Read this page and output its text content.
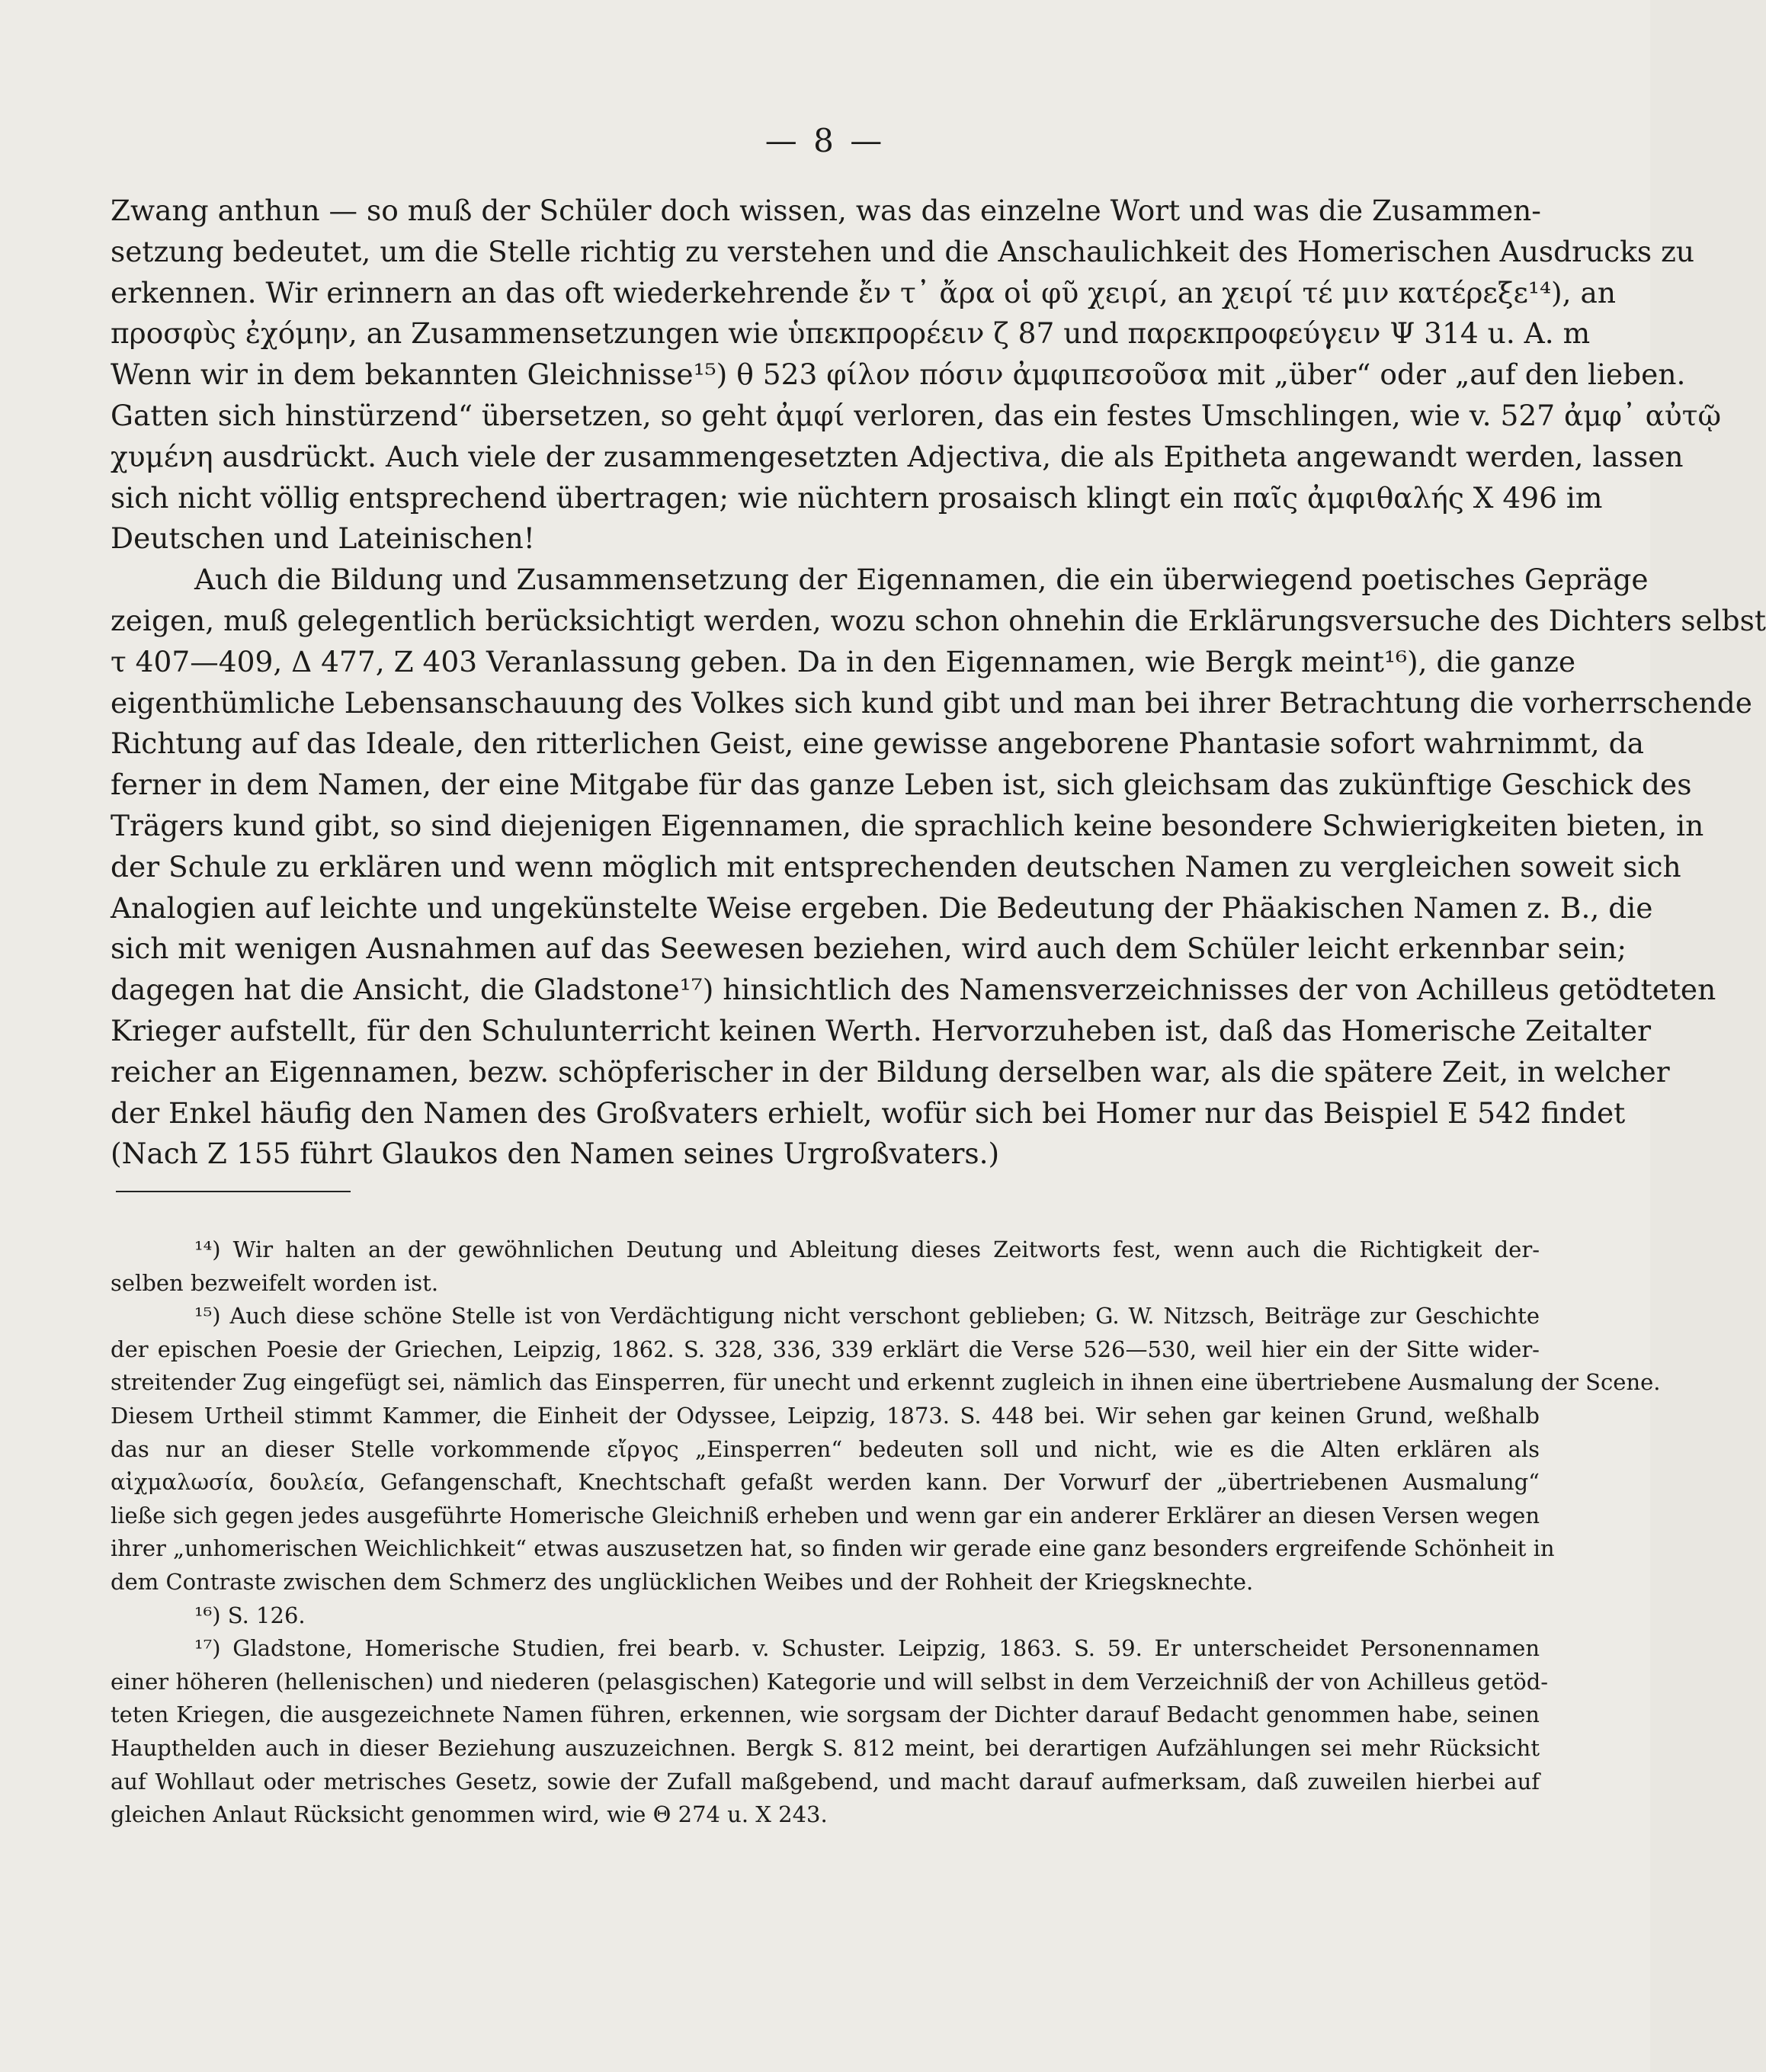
— 8 —
Zwang anthun — so muß der Schüler doch wissen, was das einzelne Wort und was die Zusammen-
setzung bedeutet, um die Stelle richtig zu verstehen und die Anschaulichkeit des Homerischen Ausdrucks zu
erkennen. Wir erinnern an das oft wiederkehrende ἔν τ᾽ ἄρα οἱ φῦ χειρί, an χειρί τέ μιν κατέρεξε¹⁴), an
προσφὺς ἐχόμην, an Zusammensetzungen wie ὑπεκπρορέειν ζ 87 und παρεκπροφεύγειν Ψ 314 u. A. m
Wenn wir in dem bekannten Gleichnisse¹⁵) θ 523 φίλον πόσιν ἀμφιπεσοῦσα mit „über“ oder „auf den lieben.
Gatten sich hinstürzend“ übersetzen, so geht ἀμφί verloren, das ein festes Umschlingen, wie v. 527 ἀμφ᾽ αὐτῷ
χυμένη ausdrückt. Auch viele der zusammengesetzten Adjectiva, die als Epitheta angewandt werden, lassen
sich nicht völlig entsprechend übertragen; wie nüchtern prosaisch klingt ein παῖς ἀμφιθαλής X 496 im
Deutschen und Lateinischen!
Auch die Bildung und Zusammensetzung der Eigennamen, die ein überwiegend poetisches Gepräge
zeigen, muß gelegentlich berücksichtigt werden, wozu schon ohnehin die Erklärungsversuche des Dichters selbst
τ 407—409, Δ 477, Z 403 Veranlassung geben. Da in den Eigennamen, wie Bergk meint¹⁶), die ganze
eigenthümliche Lebensanschauung des Volkes sich kund gibt und man bei ihrer Betrachtung die vorherrschende
Richtung auf das Ideale, den ritterlichen Geist, eine gewisse angeborene Phantasie sofort wahrnimmt, da
ferner in dem Namen, der eine Mitgabe für das ganze Leben ist, sich gleichsam das zukünftige Geschick des
Trägers kund gibt, so sind diejenigen Eigennamen, die sprachlich keine besondere Schwierigkeiten bieten, in
der Schule zu erklären und wenn möglich mit entsprechenden deutschen Namen zu vergleichen soweit sich
Analogien auf leichte und ungekünstelte Weise ergeben. Die Bedeutung der Phäakischen Namen z. B., die
sich mit wenigen Ausnahmen auf das Seewesen beziehen, wird auch dem Schüler leicht erkennbar sein;
dagegen hat die Ansicht, die Gladstone¹⁷) hinsichtlich des Namensverzeichnisses der von Achilleus getödteten
Krieger aufstellt, für den Schulunterricht keinen Werth. Hervorzuheben ist, daß das Homerische Zeitalter
reicher an Eigennamen, bezw. schöpferischer in der Bildung derselben war, als die spätere Zeit, in welcher
der Enkel häufig den Namen des Großvaters erhielt, wofür sich bei Homer nur das Beispiel E 542 findet
(Nach Z 155 führt Glaukos den Namen seines Urgroßvaters.)
¹⁴) Wir halten an der gewöhnlichen Deutung und Ableitung dieses Zeitworts fest, wenn auch die Richtigkeit der-
selben bezweifelt worden ist.
¹⁵) Auch diese schöne Stelle ist von Verdächtigung nicht verschont geblieben; G. W. Nitzsch, Beiträge zur Geschichte
der epischen Poesie der Griechen, Leipzig, 1862. S. 328, 336, 339 erklärt die Verse 526—530, weil hier ein der Sitte wider-
streitender Zug eingefügt sei, nämlich das Einsperren, für unecht und erkennt zugleich in ihnen eine übertriebene Ausmalung der Scene.
Diesem Urtheil stimmt Kammer, die Einheit der Odyssee, Leipzig, 1873. S. 448 bei. Wir sehen gar keinen Grund, weßhalb
das nur an dieser Stelle vorkommende εἴργος „Einsperren“ bedeuten soll und nicht, wie es die Alten erklären als
αἰχμαλωσία, δουλεία, Gefangenschaft, Knechtschaft gefaßt werden kann. Der Vorwurf der „übertriebenen Ausmalung“
ließe sich gegen jedes ausgeführte Homerische Gleichniß erheben und wenn gar ein anderer Erklärer an diesen Versen wegen
ihrer „unhomerischen Weichlichkeit“ etwas auszusetzen hat, so finden wir gerade eine ganz besonders ergreifende Schönheit in
dem Contraste zwischen dem Schmerz des unglücklichen Weibes und der Rohheit der Kriegsknechte.
¹⁶) S. 126.
¹⁷) Gladstone, Homerische Studien, frei bearb. v. Schuster. Leipzig, 1863. S. 59. Er unterscheidet Personennamen
einer höheren (hellenischen) und niederen (pelasgischen) Kategorie und will selbst in dem Verzeichniß der von Achilleus getöd-
teten Kriegen, die ausgezeichnete Namen führen, erkennen, wie sorgsam der Dichter darauf Bedacht genommen habe, seinen
Haupthelden auch in dieser Beziehung auszuzeichnen. Bergk S. 812 meint, bei derartigen Aufzählungen sei mehr Rücksicht
auf Wohllaut oder metrisches Gesetz, sowie der Zufall maßgebend, und macht darauf aufmerksam, daß zuweilen hierbei auf
gleichen Anlaut Rücksicht genommen wird, wie Θ 274 u. X 243.
